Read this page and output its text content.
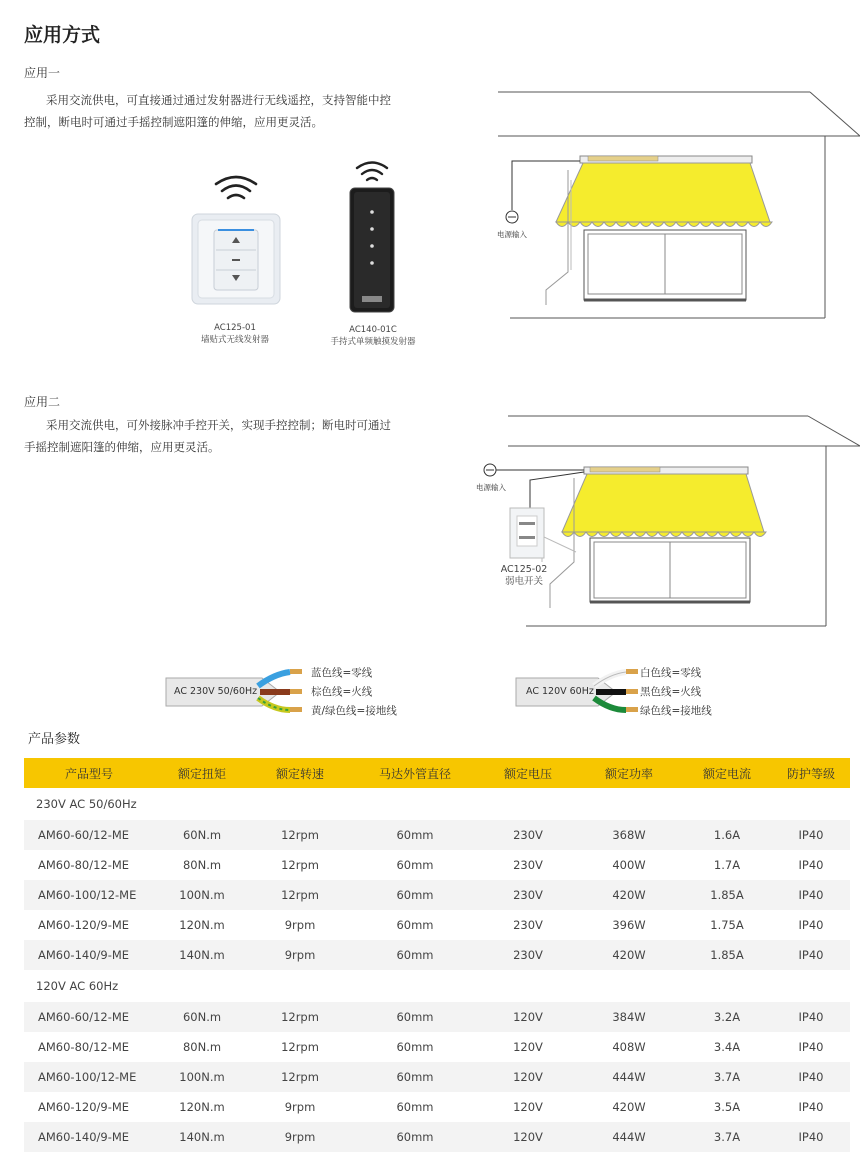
应用方式
应用一
采用交流供电，可直接通过通过发射器进行无线遥控，支持智能中控
控制，断电时可通过手摇控制遮阳篷的伸缩，应用更灵活。
AC125-01
墙贴式无线发射器
AC140-01C
手持式单频触摸发射器
电源输入
应用二
采用交流供电，可外接脉冲手控开关，实现手控控制；断电时可通过
手摇控制遮阳篷的伸缩，应用更灵活。
电源输入
AC125-02
弱电开关
AC 230V 50/60Hz
蓝色线=零线
棕色线=火线
黄/绿色线=接地线
AC 120V 60Hz
白色线=零线
黑色线=火线
绿色线=接地线
产品参数
产品型号	额定扭矩	额定转速	马达外管直径	额定电压	额定功率	额定电流	防护等级
230V AC 50/60Hz							
AM60-60/12-ME	60N.m	12rpm	60mm	230V	368W	1.6A	IP40
AM60-80/12-ME	80N.m	12rpm	60mm	230V	400W	1.7A	IP40
AM60-100/12-ME	100N.m	12rpm	60mm	230V	420W	1.85A	IP40
AM60-120/9-ME	120N.m	9rpm	60mm	230V	396W	1.75A	IP40
AM60-140/9-ME	140N.m	9rpm	60mm	230V	420W	1.85A	IP40
120V AC 60Hz							
AM60-60/12-ME	60N.m	12rpm	60mm	120V	384W	3.2A	IP40
AM60-80/12-ME	80N.m	12rpm	60mm	120V	408W	3.4A	IP40
AM60-100/12-ME	100N.m	12rpm	60mm	120V	444W	3.7A	IP40
AM60-120/9-ME	120N.m	9rpm	60mm	120V	420W	3.5A	IP40
AM60-140/9-ME	140N.m	9rpm	60mm	120V	444W	3.7A	IP40
